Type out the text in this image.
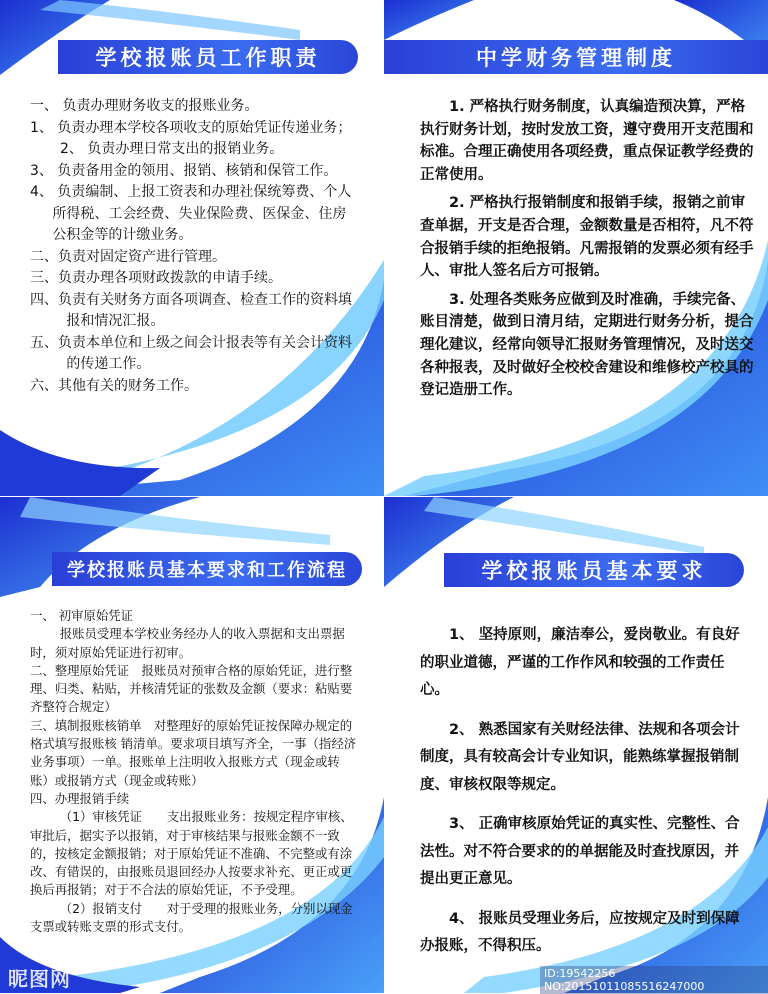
学校报账员工作职责

一、 负责办理财务收支的报账业务。

1、 负责办理本学校各项收支的原始凭证传递业务；

2、 负责办理日常支出的报销业务。

3、 负责备用金的领用、报销、核销和保管工作。

4、 负责编制、上报工资表和办理社保统筹费、个人所得税、工会经费、失业保险费、医保金、住房公积金等的计缴业务。

二、负责对固定资产进行管理。

三、负责办理各项财政拨款的申请手续。

四、负责有关财务方面各项调查、检查工作的资料填报和情况汇报。

五、负责本单位和上级之间会计报表等有关会计资料的传递工作。

六、其他有关的财务工作。

中学财务管理制度

1. 严格执行财务制度，认真编造预决算，严格执行财务计划，按时发放工资，遵守费用开支范围和标准。合理正确使用各项经费，重点保证教学经费的正常使用。

2. 严格执行报销制度和报销手续，报销之前审查单据，开支是否合理，金额数量是否相符，凡不符合报销手续的拒绝报销。凡需报销的发票必须有经手人、审批人签名后方可报销。

3. 处理各类账务应做到及时准确，手续完备、账目清楚，做到日清月结，定期进行财务分析，提合理化建议，经常向领导汇报财务管理情况，及时送交各种报表，及时做好全校校舍建设和维修校产校具的登记造册工作。

学校报账员基本要求和工作流程

一、 初审原始凭证

报账员受理本学校业务经办人的收入票据和支出票据时，须对原始凭证进行初审。

二、整理原始凭证　报账员对预审合格的原始凭证，进行整理、归类、粘贴，并核清凭证的张数及金额（要求：粘贴要齐整符合规定）

三、填制报账核销单　对整理好的原始凭证按保障办规定的格式填写报账核 销清单。要求项目填写齐全，一事（指经济业务事项）一单。报账单上注明收入报账方式（现金或转账）或报销方式（现金或转账）

四、办理报销手续

（1）审核凭证　　支出报账业务：按规定程序审核、审批后，据实予以报销，对于审核结果与报账金额不一致的，按核定金额报销；对于原始凭证不准确、不完整或有涂改、有错误的，由报账员退回经办人按要求补充、更正或更换后再报销；对于不合法的原始凭证，不予受理。

（2）报销支付　　对于受理的报账业务，分别以现金支票或转账支票的形式支付。

学校报账员基本要求

1、 坚持原则，廉洁奉公，爱岗敬业。有良好的职业道德，严谨的工作作风和较强的工作责任心。

2、 熟悉国家有关财经法律、法规和各项会计制度，具有较高会计专业知识，能熟练掌握报销制度、审核权限等规定。

3、 正确审核原始凭证的真实性、完整性、合法性。对不符合要求的的单据能及时查找原因，并提出更正意见。

4、 报账员受理业务后，应按规定及时到保障办报账，不得积压。

昵图网	ID:19542256 NO:20151011085516247000
